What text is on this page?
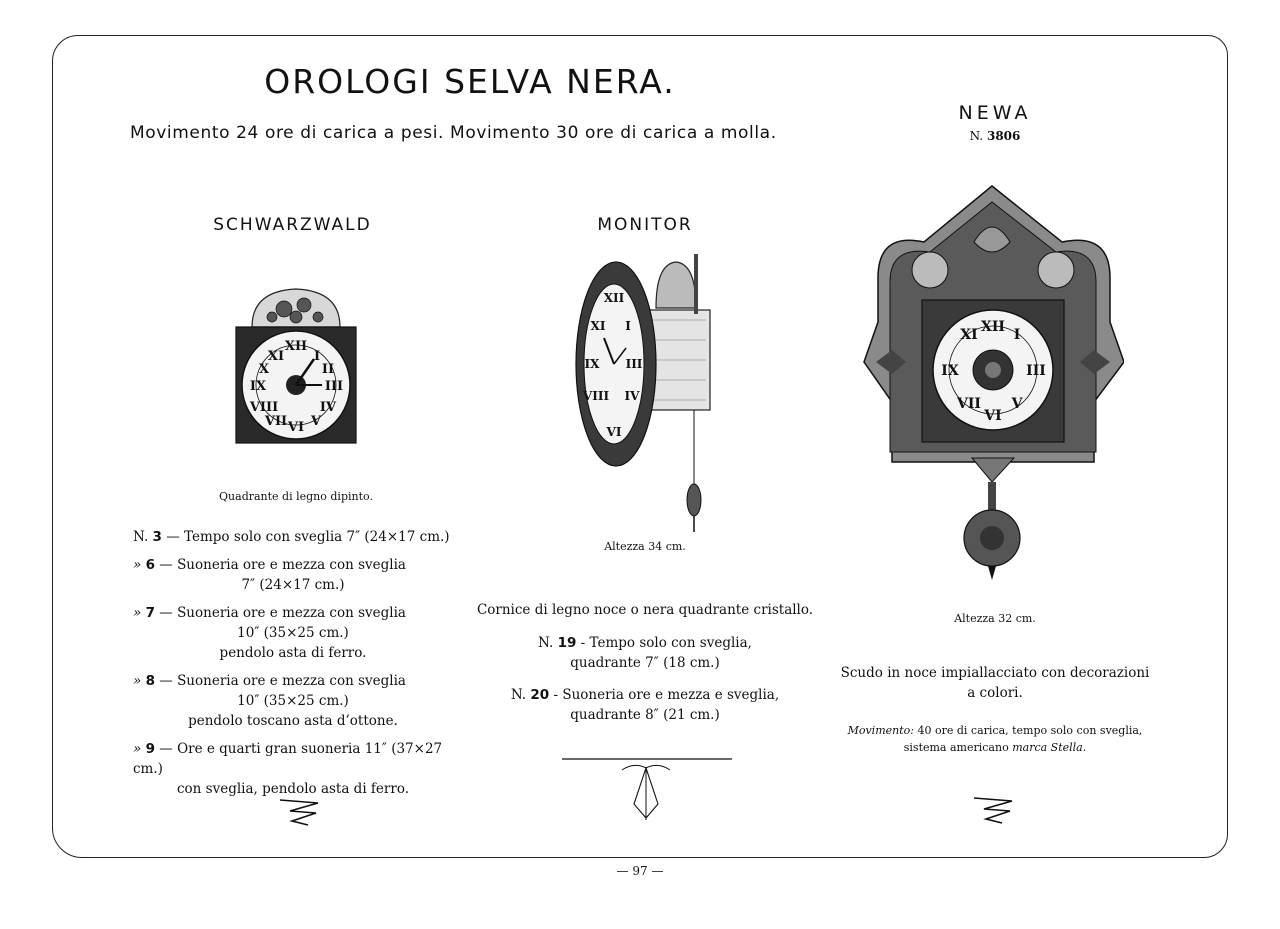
OROLOGI SELVA NERA.
Movimento 24 ore di carica a pesi. Movimento 30 ore di carica a molla.
NEWA
N. 3806
SCHWARZWALD
XII
VI
IX	III
I
II
IV
V
VII
VIII
X
XI
Quadrante di legno dipinto.
N. 3 — Tempo solo con sveglia 7″ (24×17 cm.)
» 6 — Suoneria ore e mezza con sveglia
7″ (24×17 cm.)
» 7 — Suoneria ore e mezza con sveglia
10″ (35×25 cm.)
pendolo asta di ferro.
» 8 — Suoneria ore e mezza con sveglia
10″ (35×25 cm.)
pendolo toscano asta d’ottone.
» 9 — Ore e quarti gran suoneria 11″ (37×27 cm.)
con sveglia, pendolo asta di ferro.
MONITOR
XII
VI
IX III
I
IV
XI
VIII
Altezza 34 cm.
Cornice di legno noce o nera quadrante cristallo.
N. 19 - Tempo solo con sveglia,
quadrante 7″ (18 cm.)
N. 20 - Suoneria ore e mezza e sveglia,
quadrante 8″ (21 cm.)
XII
VI
IX	III
I
XI
V
VII
Altezza 32 cm.
Scudo in noce impiallacciato con decorazioni
a colori.
Movimento: 40 ore di carica, tempo solo con sveglia,
sistema americano marca Stella.
— 97 —
